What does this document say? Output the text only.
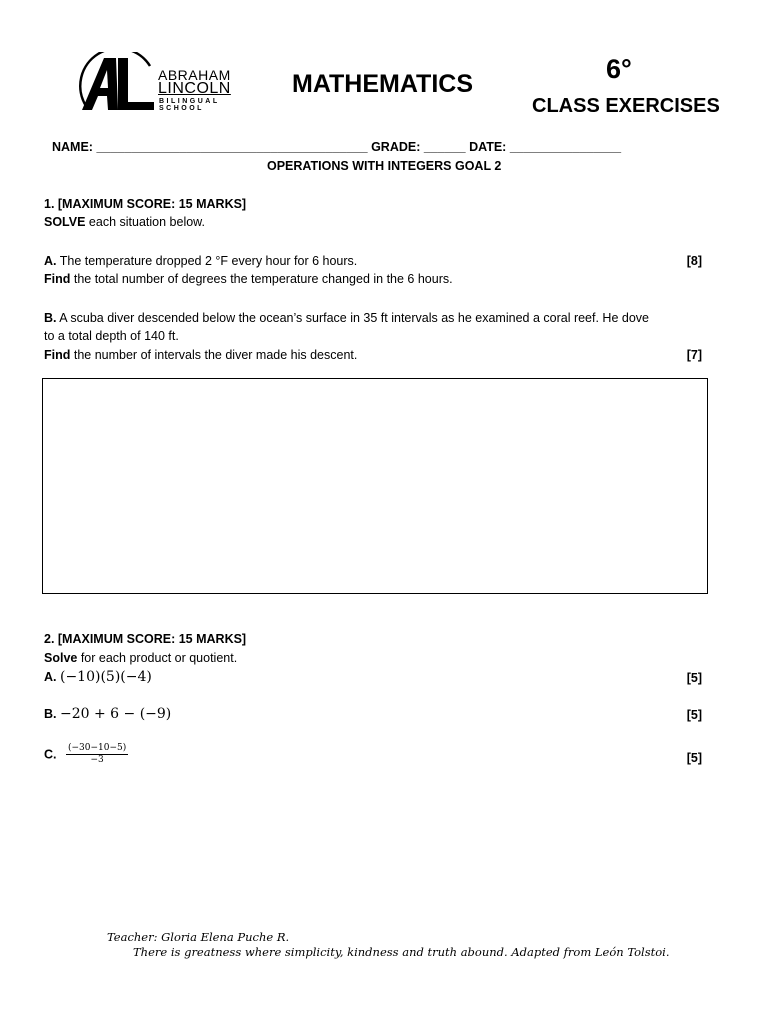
ABRAHAM
LINCOLN
BILINGUAL
SCHOOL
MATHEMATICS	6°
CLASS EXERCISES
NAME: _______________________________________ GRADE: ______ DATE: ________________
OPERATIONS WITH INTEGERS GOAL 2
1. [MAXIMUM SCORE: 15 MARKS]
SOLVE each situation below.
A. The temperature dropped 2 °F every hour for 6 hours.	[8]
Find the total number of degrees the temperature changed in the 6 hours.
B. A scuba diver descended below the ocean’s surface in 35 ft intervals as he examined a coral reef. He dove
to a total depth of 140 ft.
Find the number of intervals the diver made his descent.	[7]
2. [MAXIMUM SCORE: 15 MARKS]
Solve for each product or quotient.
A. (−10)(5)(−4)	[5]
B. −20 + 6 − (−9)	[5]
C. $\frac{(-30-10-5)}{-3}$	[5]
Teacher: Gloria Elena Puche R.
There is greatness where simplicity, kindness and truth abound. Adapted from León Tolstoi.
